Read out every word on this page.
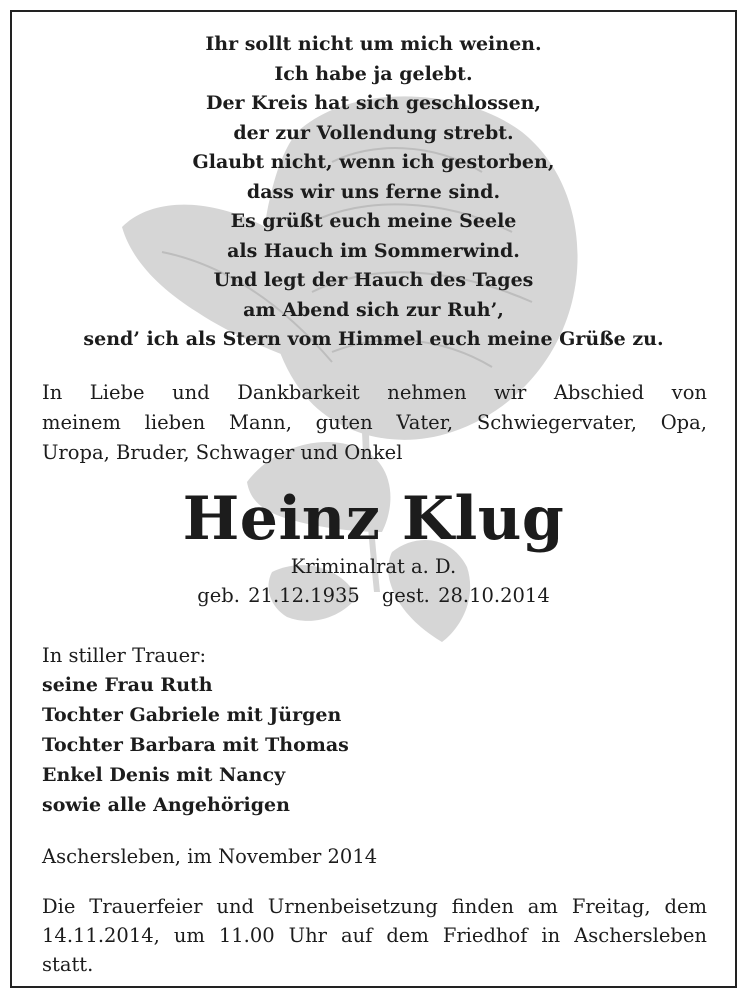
Ihr sollt nicht um mich weinen.
Ich habe ja gelebt.
Der Kreis hat sich geschlossen,
der zur Vollendung strebt.
Glaubt nicht, wenn ich gestorben,
dass wir uns ferne sind.
Es grüßt euch meine Seele
als Hauch im Sommerwind.
Und legt der Hauch des Tages
am Abend sich zur Ruh’,
send’ ich als Stern vom Himmel euch meine Grüße zu.
In Liebe und Dankbarkeit nehmen wir Abschied von
meinem lieben Mann, guten Vater, Schwiegervater, Opa,
Uropa, Bruder, Schwager und Onkel
Heinz Klug
Kriminalrat a. D.
geb. 21.12.1935 gest. 28.10.2014
In stiller Trauer:
seine Frau Ruth
Tochter Gabriele mit Jürgen
Tochter Barbara mit Thomas
Enkel Denis mit Nancy
sowie alle Angehörigen
Aschersleben, im November 2014
Die Trauerfeier und Urnenbeisetzung finden am Freitag, dem
14.11.2014, um 11.00 Uhr auf dem Friedhof in Aschersleben
statt.
